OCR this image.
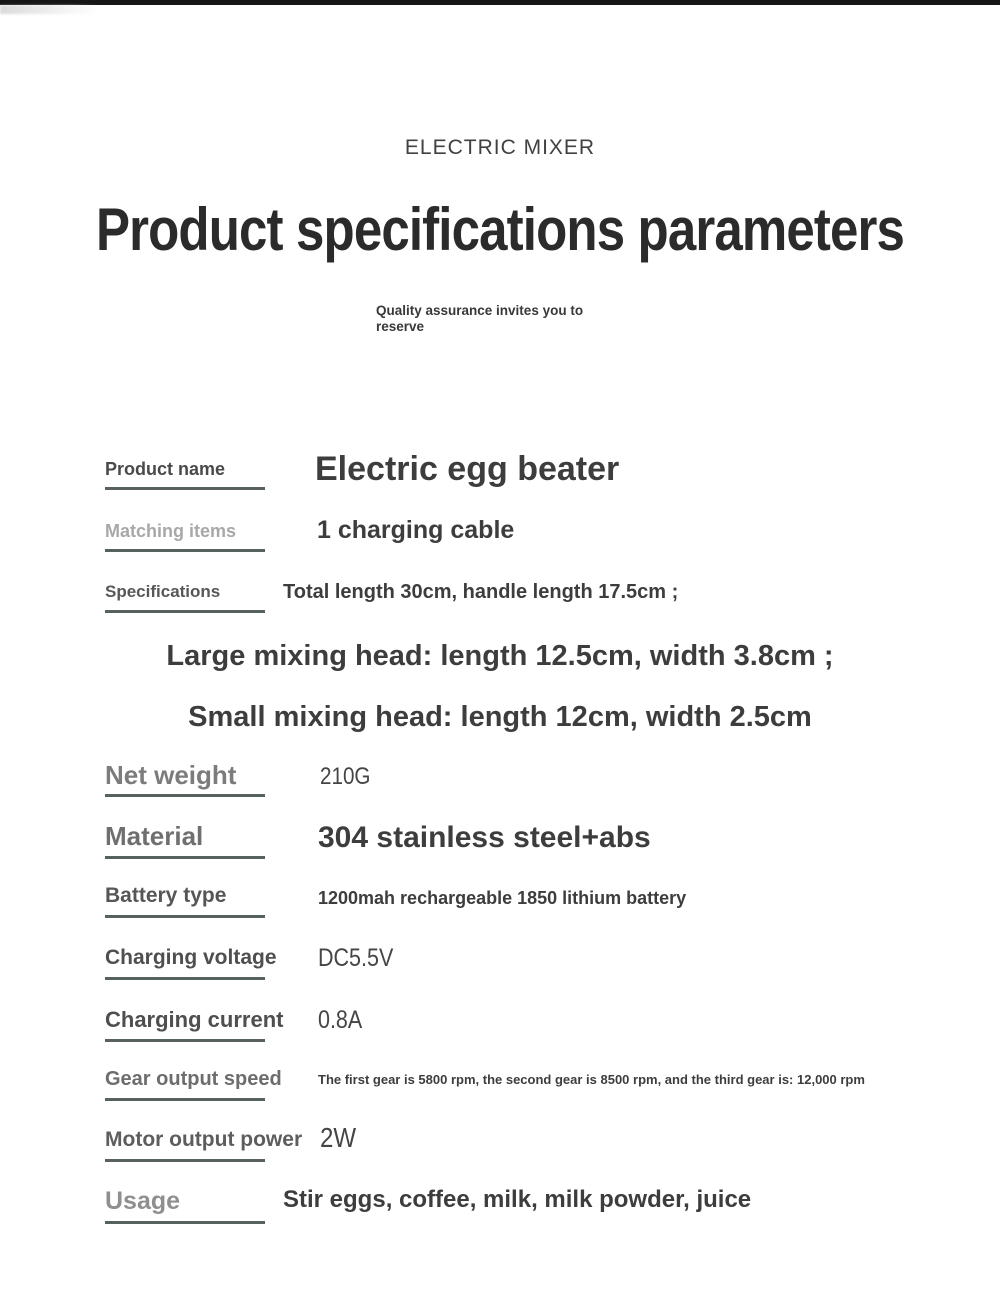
ELECTRIC MIXER
Product specifications parameters
Quality assurance invites you to reserve
Product name	Electric egg beater
Matching items	1 charging cable
Specifications	Total length 30cm, handle length 17.5cm ;
Large mixing head: length 12.5cm, width 3.8cm ;
Small mixing head: length 12cm, width 2.5cm
Net weight	210G
Material	304 stainless steel+abs
Battery type	1200mah rechargeable 1850 lithium battery
Charging voltage DC5.5V
Charging current 0.8A
Gear output speed	The first gear is 5800 rpm, the second gear is 8500 rpm, and the third gear is: 12,000 rpm
Motor output power 2W
Usage	Stir eggs, coffee, milk, milk powder, juice
